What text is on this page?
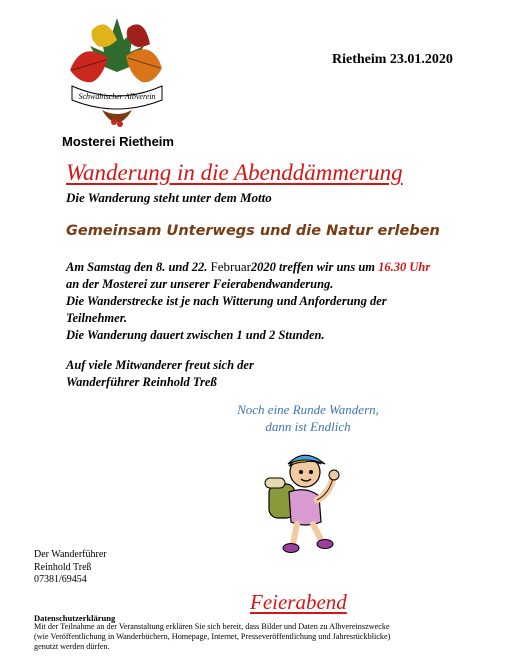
Schwäbischer Albverein
Mosterei Rietheim
Rietheim 23.01.2020
Wanderung in die Abenddämmerung
Die Wanderung steht unter dem Motto
Gemeinsam Unterwegs und die Natur erleben
Am Samstag den 8. und 22. Februar2020 treffen wir uns um 16.30 Uhr
an der Mosterei zur unserer Feierabendwanderung.
Die Wanderstrecke ist je nach Witterung und Anforderung der
Teilnehmer.
Die Wanderung dauert zwischen 1 und 2 Stunden.
Auf viele Mitwanderer freut sich der
Wanderführer Reinhold Treß
Noch eine Runde Wandern,
dann ist Endlich
Der Wanderführer
Reinhold Treß
07381/69454
Feierabend
Datenschutzerklärung
Mit der Teilnahme an der Veranstaltung erklären Sie sich bereit, dass Bilder und Daten zu Albvereinszwecke
(wie Veröffentlichung in Wanderbüchern, Homepage, Internet, Presseveröffentlichung und Jahresrückblicke)
genutzt werden dürfen.
